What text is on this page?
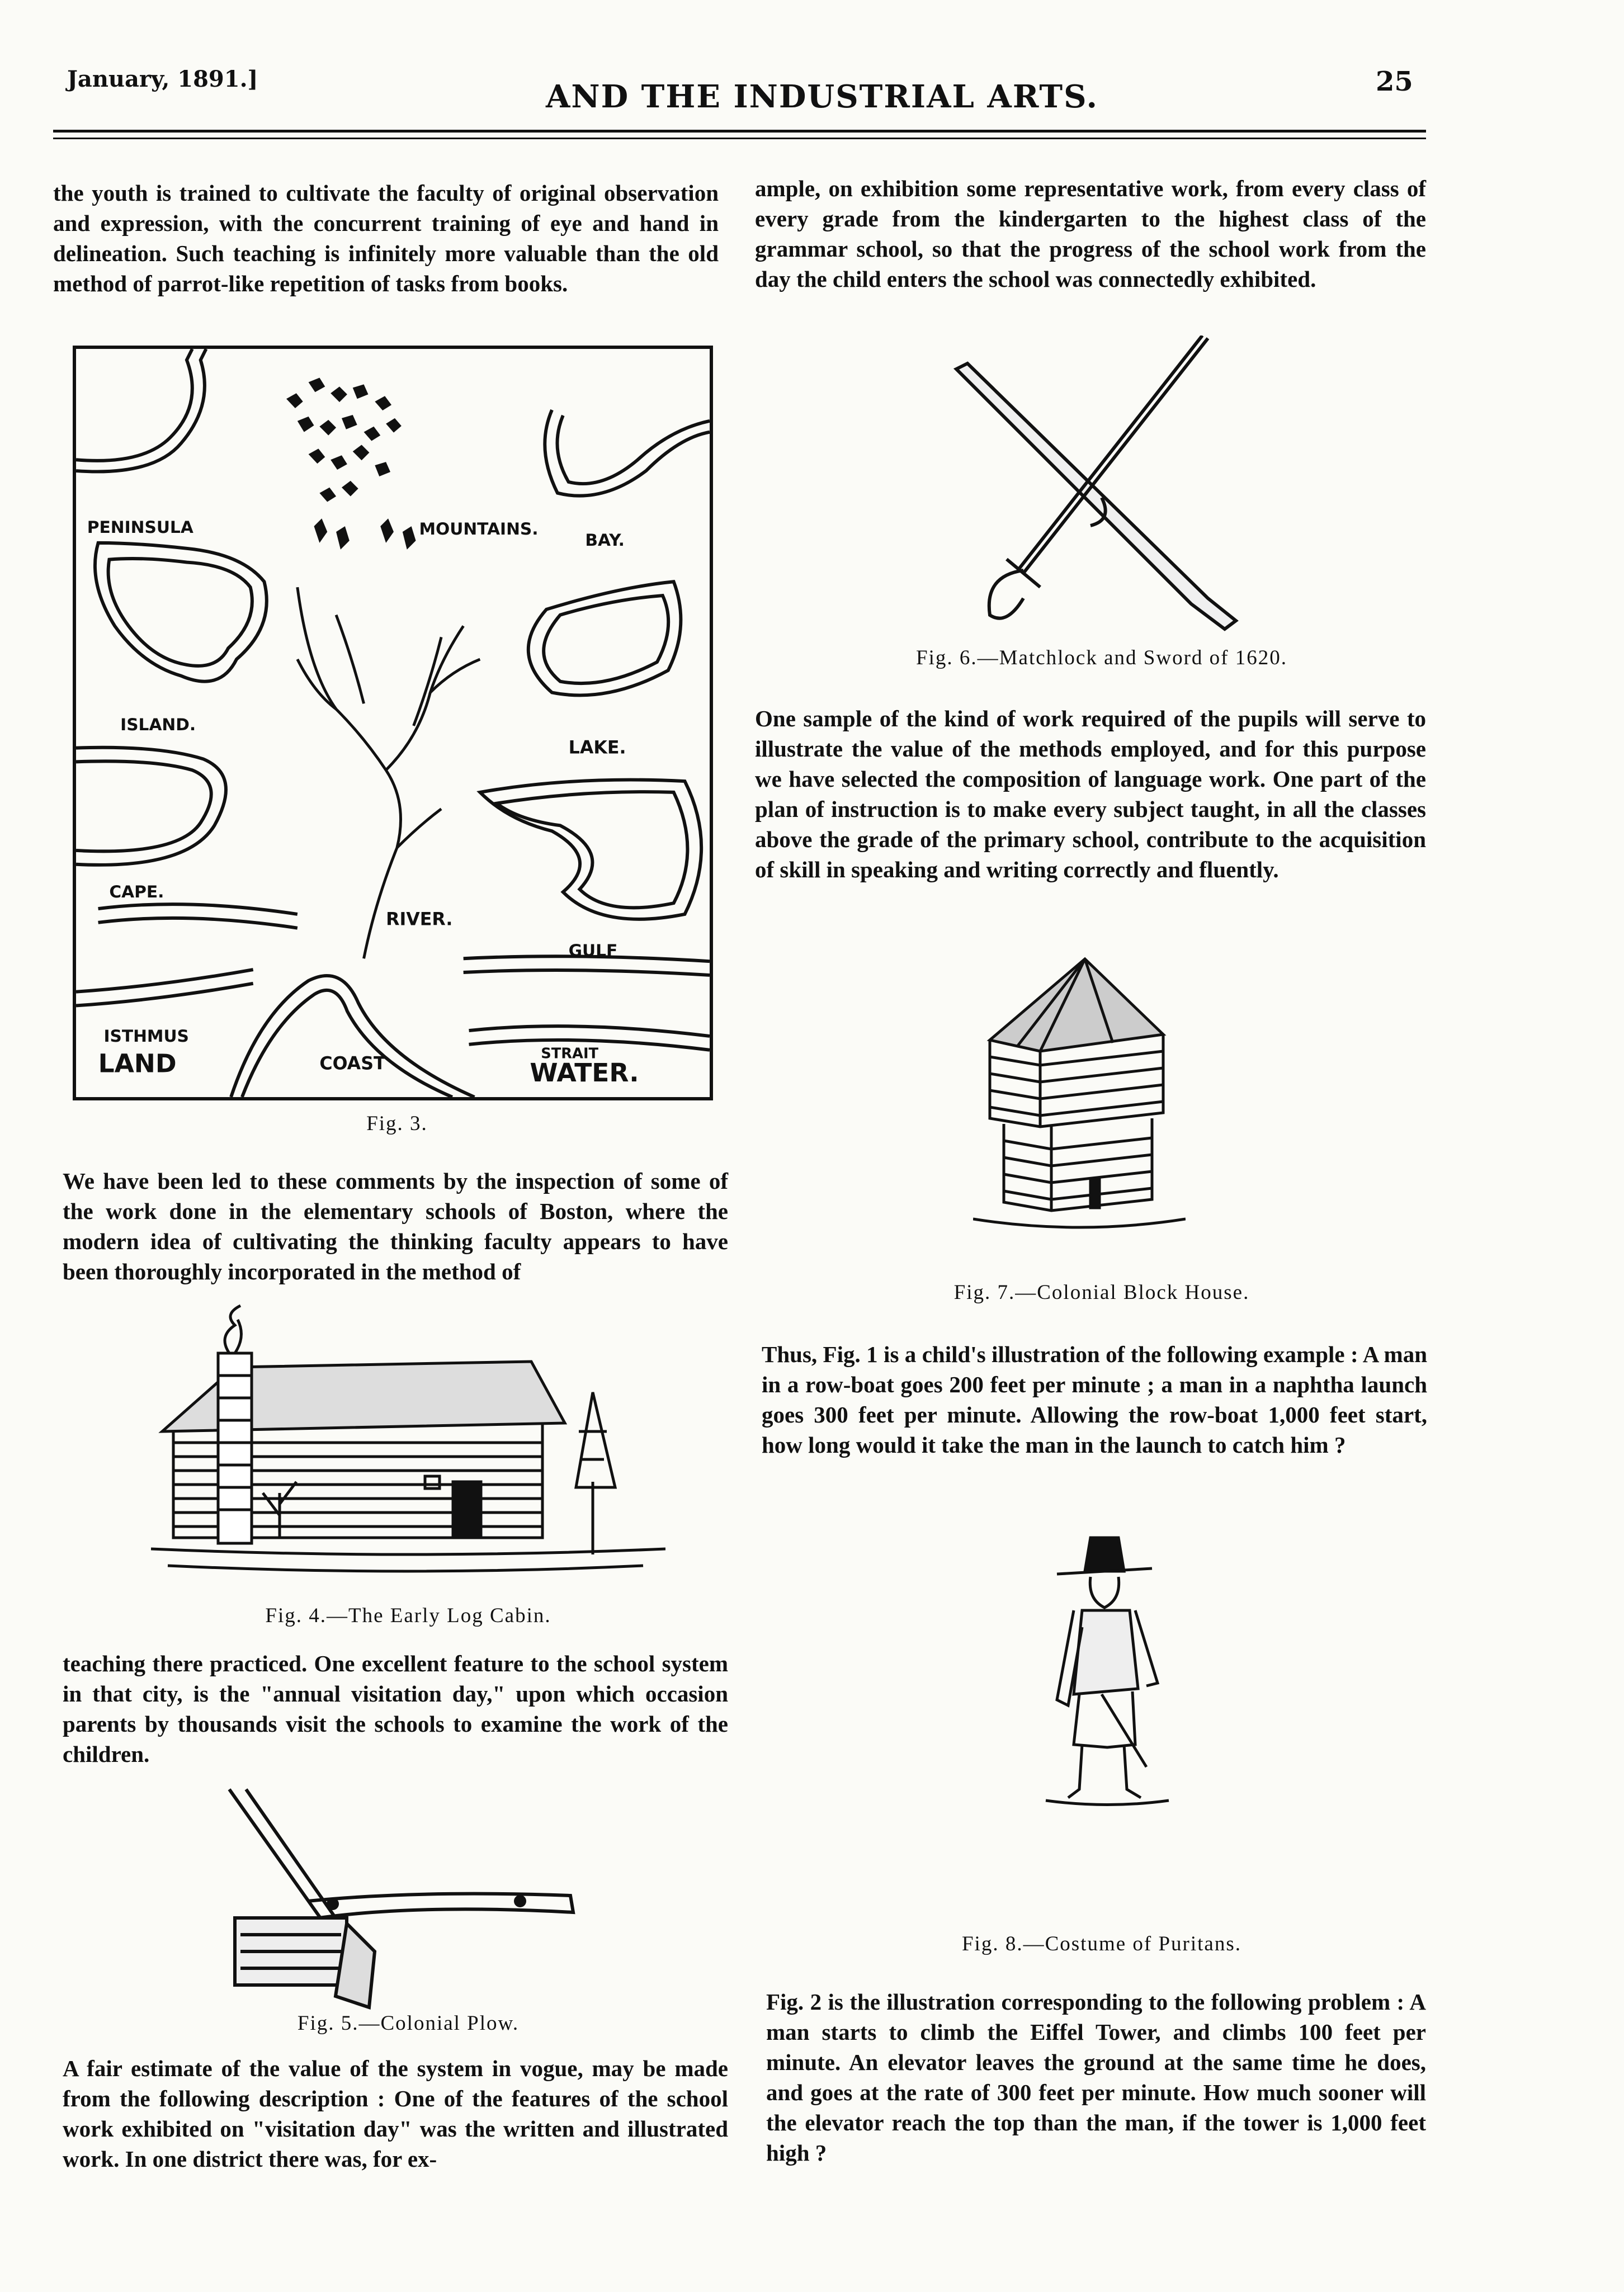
January, 1891.]	AND THE INDUSTRIAL ARTS.	25

the youth is trained to cultivate the faculty of original observation and expression, with the concurrent training of eye and hand in delineation. Such teaching is infinitely more valuable than the old method of parrot-like repetition of tasks from books.

PENINSULA	MOUNTAINS.
BAY.
ISLAND.
LAKE.
CAPE.
RIVER.
GULF
ISTHMUS
LAND	COAST	STRAIT
WATER.

Fig. 3.

We have been led to these comments by the inspection of some of the work done in the elementary schools of Boston, where the modern idea of cultivating the thinking faculty appears to have been thoroughly incorporated in the method of

Fig. 4.—The Early Log Cabin.

teaching there practiced. One excellent feature to the school system in that city, is the "annual visitation day," upon which occasion parents by thousands visit the schools to examine the work of the children.

Fig. 5.—Colonial Plow.

A fair estimate of the value of the system in vogue, may be made from the following description : One of the features of the school work exhibited on "visitation day" was the written and illustrated work. In one district there was, for ex-

ample, on exhibition some representative work, from every class of every grade from the kindergarten to the highest class of the grammar school, so that the progress of the school work from the day the child enters the school was connectedly exhibited.

Fig. 6.—Matchlock and Sword of 1620.

One sample of the kind of work required of the pupils will serve to illustrate the value of the methods employed, and for this purpose we have selected the composition of language work. One part of the plan of instruction is to make every subject taught, in all the classes above the grade of the primary school, contribute to the acquisition of skill in speaking and writing correctly and fluently.

Fig. 7.—Colonial Block House.

Thus, Fig. 1 is a child's illustration of the following example : A man in a row-boat goes 200 feet per minute ; a man in a naphtha launch goes 300 feet per minute. Allowing the row-boat 1,000 feet start, how long would it take the man in the launch to catch him ?

Fig. 8.—Costume of Puritans.

Fig. 2 is the illustration corresponding to the following problem : A man starts to climb the Eiffel Tower, and climbs 100 feet per minute. An elevator leaves the ground at the same time he does, and goes at the rate of 300 feet per minute. How much sooner will the elevator reach the top than the man, if the tower is 1,000 feet high ?
